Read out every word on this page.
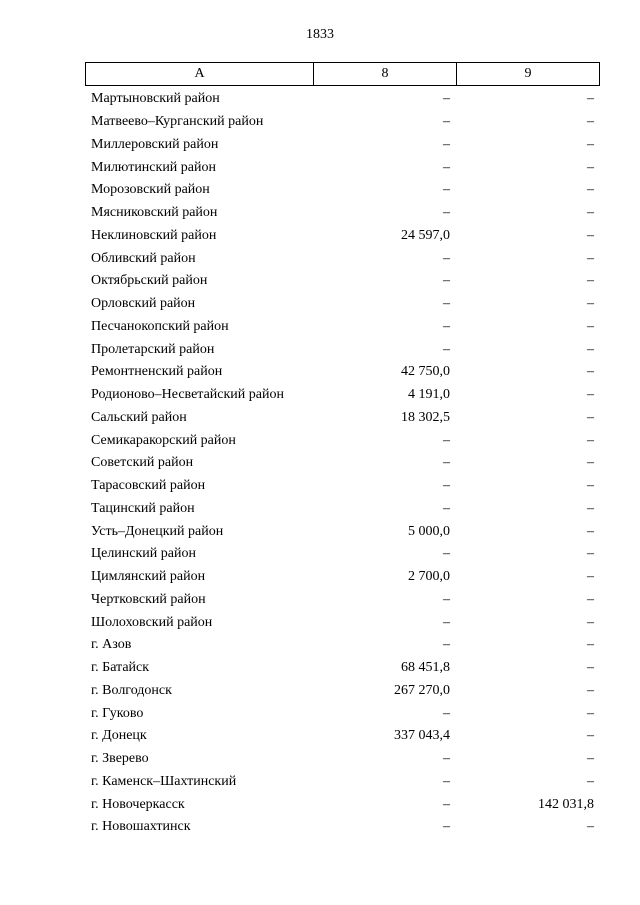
1833
А	8	9
Мартыновский район	–	–
Матвеево–Курганский район	–	–
Миллеровский район	–	–
Милютинский район	–	–
Морозовский район	–	–
Мясниковский район	–	–
Неклиновский район	24 597,0	–
Обливский район	–	–
Октябрьский район	–	–
Орловский район	–	–
Песчанокопский район	–	–
Пролетарский район	–	–
Ремонтненский район	42 750,0	–
Родионово–Несветайский район	4 191,0	–
Сальский район	18 302,5	–
Семикаракорский район	–	–
Советский район	–	–
Тарасовский район	–	–
Тацинский район	–	–
Усть–Донецкий район	5 000,0	–
Целинский район	–	–
Цимлянский район	2 700,0	–
Чертковский район	–	–
Шолоховский район	–	–
г. Азов	–	–
г. Батайск	68 451,8	–
г. Волгодонск	267 270,0	–
г. Гуково	–	–
г. Донецк	337 043,4	–
г. Зверево	–	–
г. Каменск–Шахтинский	–	–
г. Новочеркасск	–	142 031,8
г. Новошахтинск	–	–
